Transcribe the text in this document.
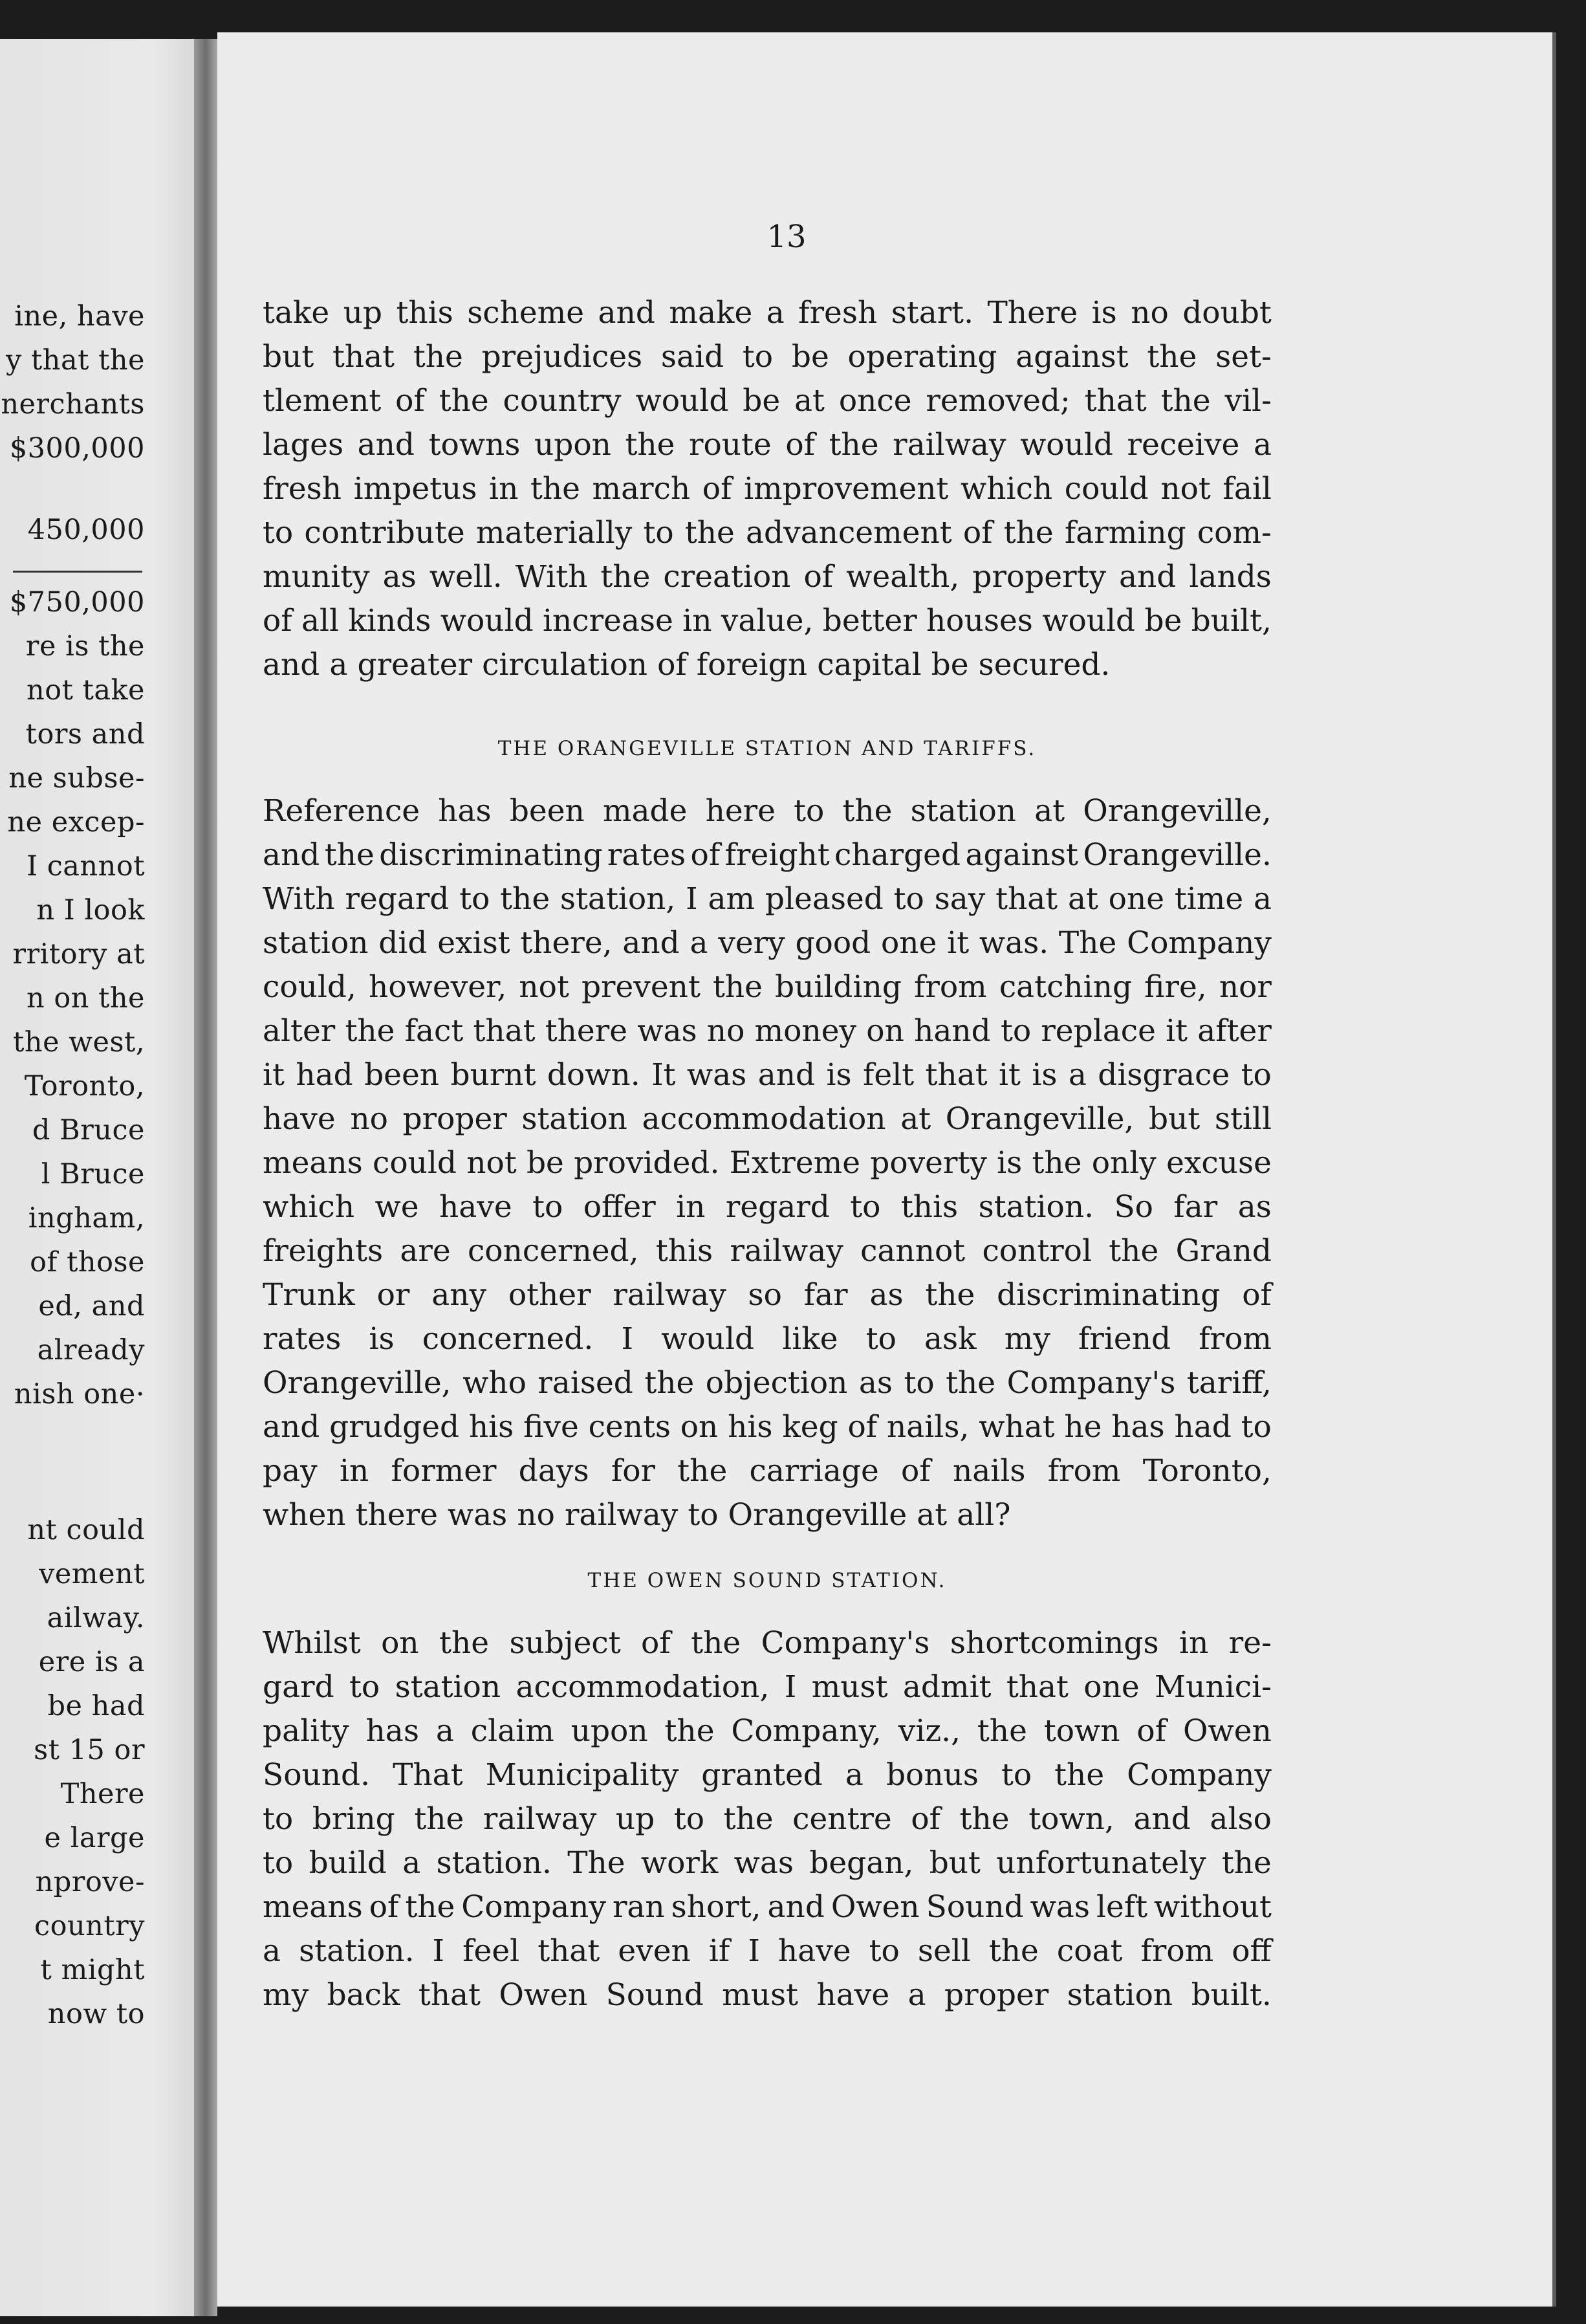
ine, have
y that the
nerchants
$300,000
450,000
$750,000
re is the
not take
tors and
ne subse-
ne excep-
I cannot
n I look
rritory at
n on the
the west,
Toronto,
d Bruce
l Bruce
ingham,
of those
ed, and
already
nish one·
nt could
vement
ailway.
ere is a
be had
st 15 or
There
e large
nprove-
country
t might
now to
13
take up this scheme and make a fresh start. There is no doubt
but that the prejudices said to be operating against the set-
tlement of the country would be at once removed; that the vil-
lages and towns upon the route of the railway would receive a
fresh impetus in the march of improvement which could not fail
to contribute materially to the advancement of the farming com-
munity as well. With the creation of wealth, property and lands
of all kinds would increase in value, better houses would be built,
and a greater circulation of foreign capital be secured.
THE ORANGEVILLE STATION AND TARIFFS.
Reference has been made here to the station at Orangeville,
and the discriminating rates of freight charged against Orangeville.
With regard to the station, I am pleased to say that at one time a
station did exist there, and a very good one it was. The Company
could, however, not prevent the building from catching fire, nor
alter the fact that there was no money on hand to replace it after
it had been burnt down. It was and is felt that it is a disgrace to
have no proper station accommodation at Orangeville, but still
means could not be provided. Extreme poverty is the only excuse
which we have to offer in regard to this station. So far as
freights are concerned, this railway cannot control the Grand
Trunk or any other railway so far as the discriminating of
rates is concerned. I would like to ask my friend from
Orangeville, who raised the objection as to the Company's tariff,
and grudged his five cents on his keg of nails, what he has had to
pay in former days for the carriage of nails from Toronto,
when there was no railway to Orangeville at all?
THE OWEN SOUND STATION.
Whilst on the subject of the Company's shortcomings in re-
gard to station accommodation, I must admit that one Munici-
pality has a claim upon the Company, viz., the town of Owen
Sound. That Municipality granted a bonus to the Company
to bring the railway up to the centre of the town, and also
to build a station. The work was began, but unfortunately the
means of the Company ran short, and Owen Sound was left without
a station. I feel that even if I have to sell the coat from off
my back that Owen Sound must have a proper station built.
